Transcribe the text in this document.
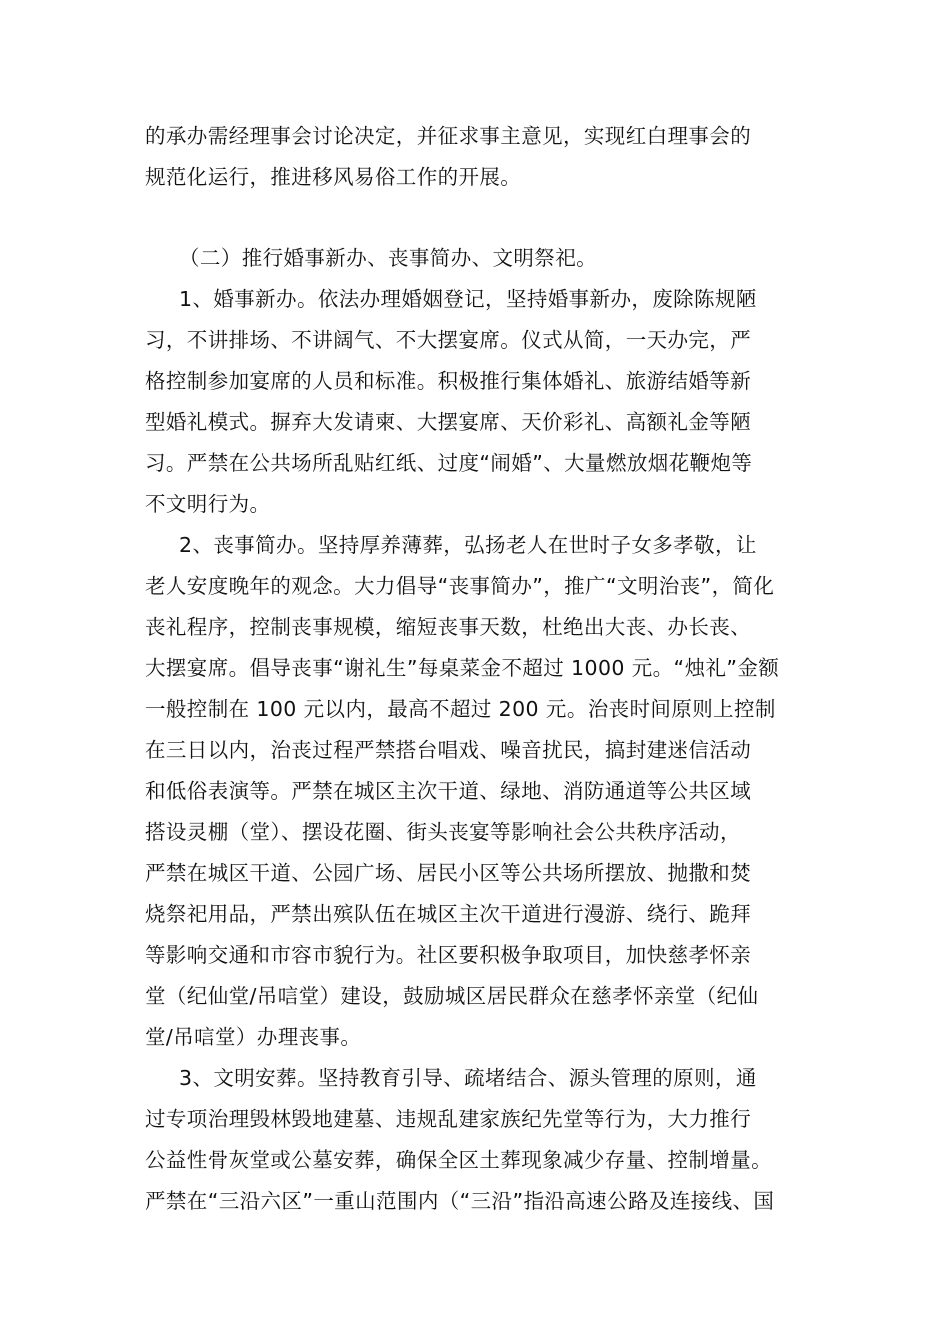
的承办需经理事会讨论决定，并征求事主意见，实现红白理事会的
规范化运行，推进移风易俗工作的开展。
（二）推行婚事新办、丧事简办、文明祭祀。
1、婚事新办。依法办理婚姻登记，坚持婚事新办，废除陈规陋
习，不讲排场、不讲阔气、不大摆宴席。仪式从简，一天办完，严
格控制参加宴席的人员和标准。积极推行集体婚礼、旅游结婚等新
型婚礼模式。摒弃大发请柬、大摆宴席、天价彩礼、高额礼金等陋
习。严禁在公共场所乱贴红纸、过度“闹婚”、大量燃放烟花鞭炮等
不文明行为。
2、丧事简办。坚持厚养薄葬，弘扬老人在世时子女多孝敬，让
老人安度晚年的观念。大力倡导“丧事简办”，推广“文明治丧”，简化
丧礼程序，控制丧事规模，缩短丧事天数，杜绝出大丧、办长丧、
大摆宴席。倡导丧事“谢礼生”每桌菜金不超过 1000 元。“烛礼”金额
一般控制在 100 元以内，最高不超过 200 元。治丧时间原则上控制
在三日以内，治丧过程严禁搭台唱戏、噪音扰民，搞封建迷信活动
和低俗表演等。严禁在城区主次干道、绿地、消防通道等公共区域
搭设灵棚（堂）、摆设花圈、街头丧宴等影响社会公共秩序活动，
严禁在城区干道、公园广场、居民小区等公共场所摆放、抛撒和焚
烧祭祀用品，严禁出殡队伍在城区主次干道进行漫游、绕行、跪拜
等影响交通和市容市貌行为。社区要积极争取项目，加快慈孝怀亲
堂（纪仙堂/吊唁堂）建设，鼓励城区居民群众在慈孝怀亲堂（纪仙
堂/吊唁堂）办理丧事。
3、文明安葬。坚持教育引导、疏堵结合、源头管理的原则，通
过专项治理毁林毁地建墓、违规乱建家族纪先堂等行为，大力推行
公益性骨灰堂或公墓安葬，确保全区土葬现象减少存量、控制增量。
严禁在“三沿六区”一重山范围内（“三沿”指沿高速公路及连接线、国
